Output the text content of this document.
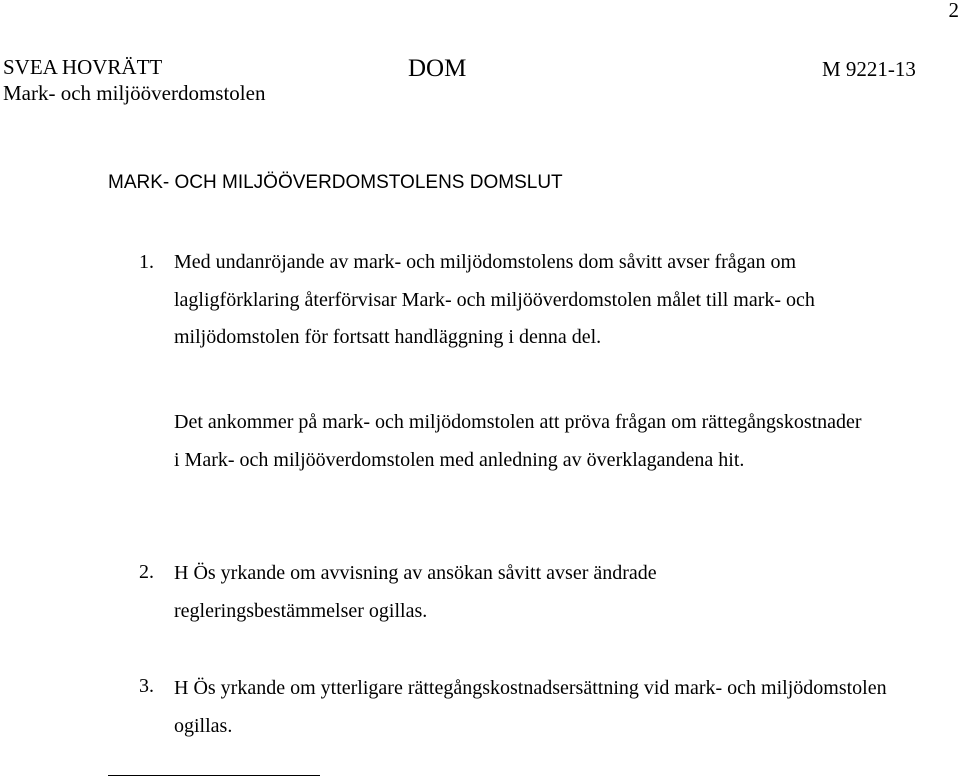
2
SVEA HOVRÄTT
Mark- och miljööverdomstolen
DOM	M 9221-13
MARK- OCH MILJÖÖVERDOMSTOLENS DOMSLUT
1. Med undanröjande av mark- och miljödomstolens dom såvitt avser frågan om lagligförklaring återförvisar Mark- och miljööverdomstolen målet till mark- och miljödomstolen för fortsatt handläggning i denna del.
Det ankommer på mark- och miljödomstolen att pröva frågan om rättegångskostnader i Mark- och miljööverdomstolen med anledning av överklagandena hit.
2. H Ös yrkande om avvisning av ansökan såvitt avser ändrade regleringsbestämmelser ogillas.
3. H Ös yrkande om ytterligare rättegångskostnadsersättning vid mark- och miljödomstolen ogillas.
